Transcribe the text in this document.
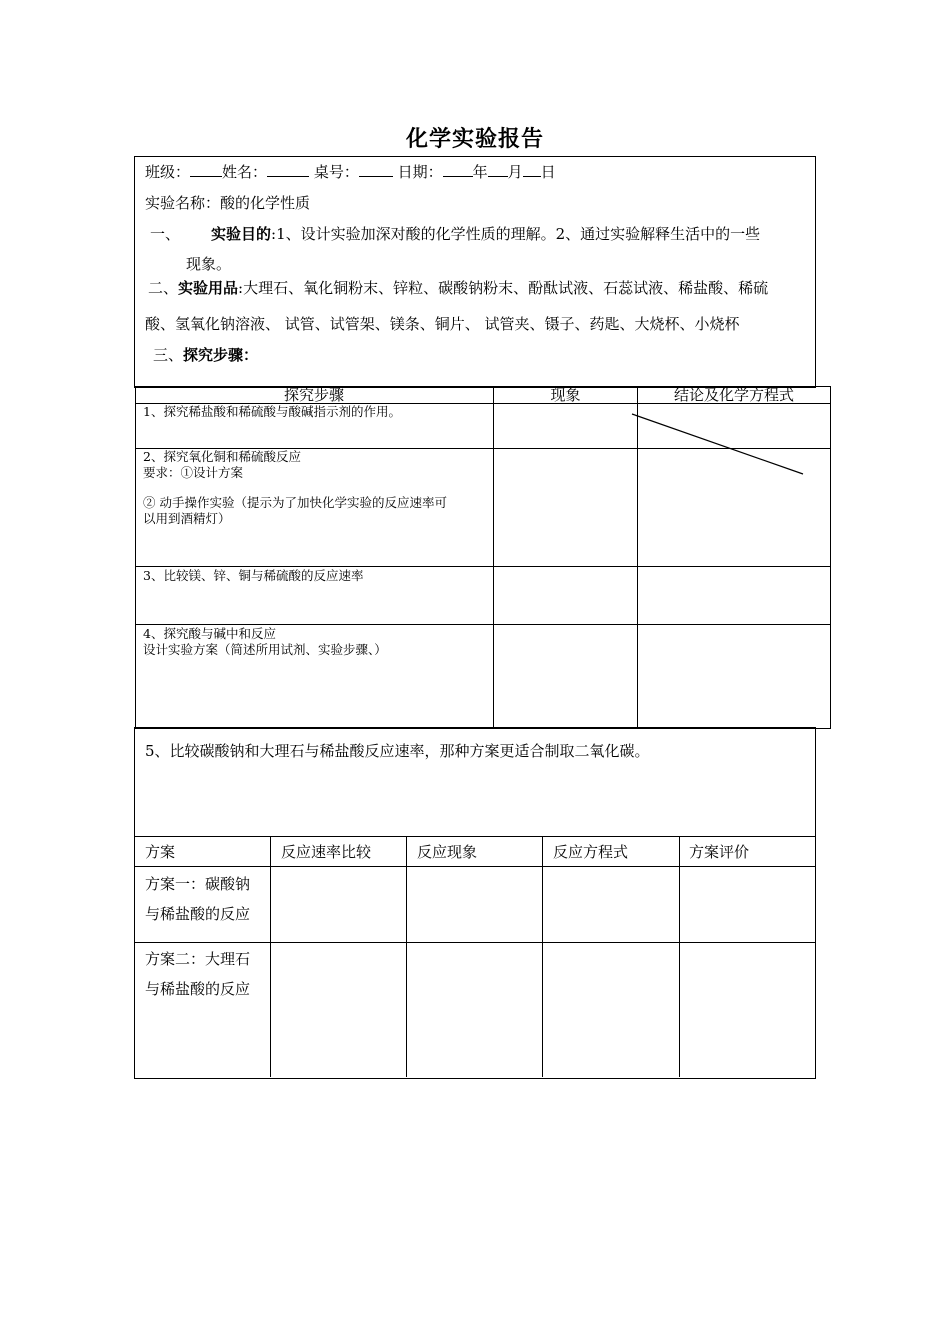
化学实验报告
班级： 姓名：	桌号：	日期： 年 月 日
实验名称：酸的化学性质
一、 实验目的:1、设计实验加深对酸的化学性质的理解。2、通过实验解释生活中的一些
现象。
二、实验用品:大理石、氧化铜粉末、锌粒、碳酸钠粉末、酚酞试液、石蕊试液、稀盐酸、稀硫
酸、氢氧化钠溶液、 试管、试管架、镁条、铜片、 试管夹、镊子、药匙、大烧杯、小烧杯
三、探究步骤：
探究步骤	现象	结论及化学方程式
1、探究稀盐酸和稀硫酸与酸碱指示剂的作用。
2、探究氧化铜和稀硫酸反应
要求：①设计方案
② 动手操作实验（提示为了加快化学实验的反应速率可
以用到酒精灯）
3、比较镁、锌、铜与稀硫酸的反应速率
4、探究酸与碱中和反应
设计实验方案（简述所用试剂、实验步骤、）
5、比较碳酸钠和大理石与稀盐酸反应速率，那种方案更适合制取二氧化碳。
方案	反应速率比较	反应现象	反应方程式	方案评价
方案一：碳酸钠
与稀盐酸的反应
方案二：大理石
与稀盐酸的反应
